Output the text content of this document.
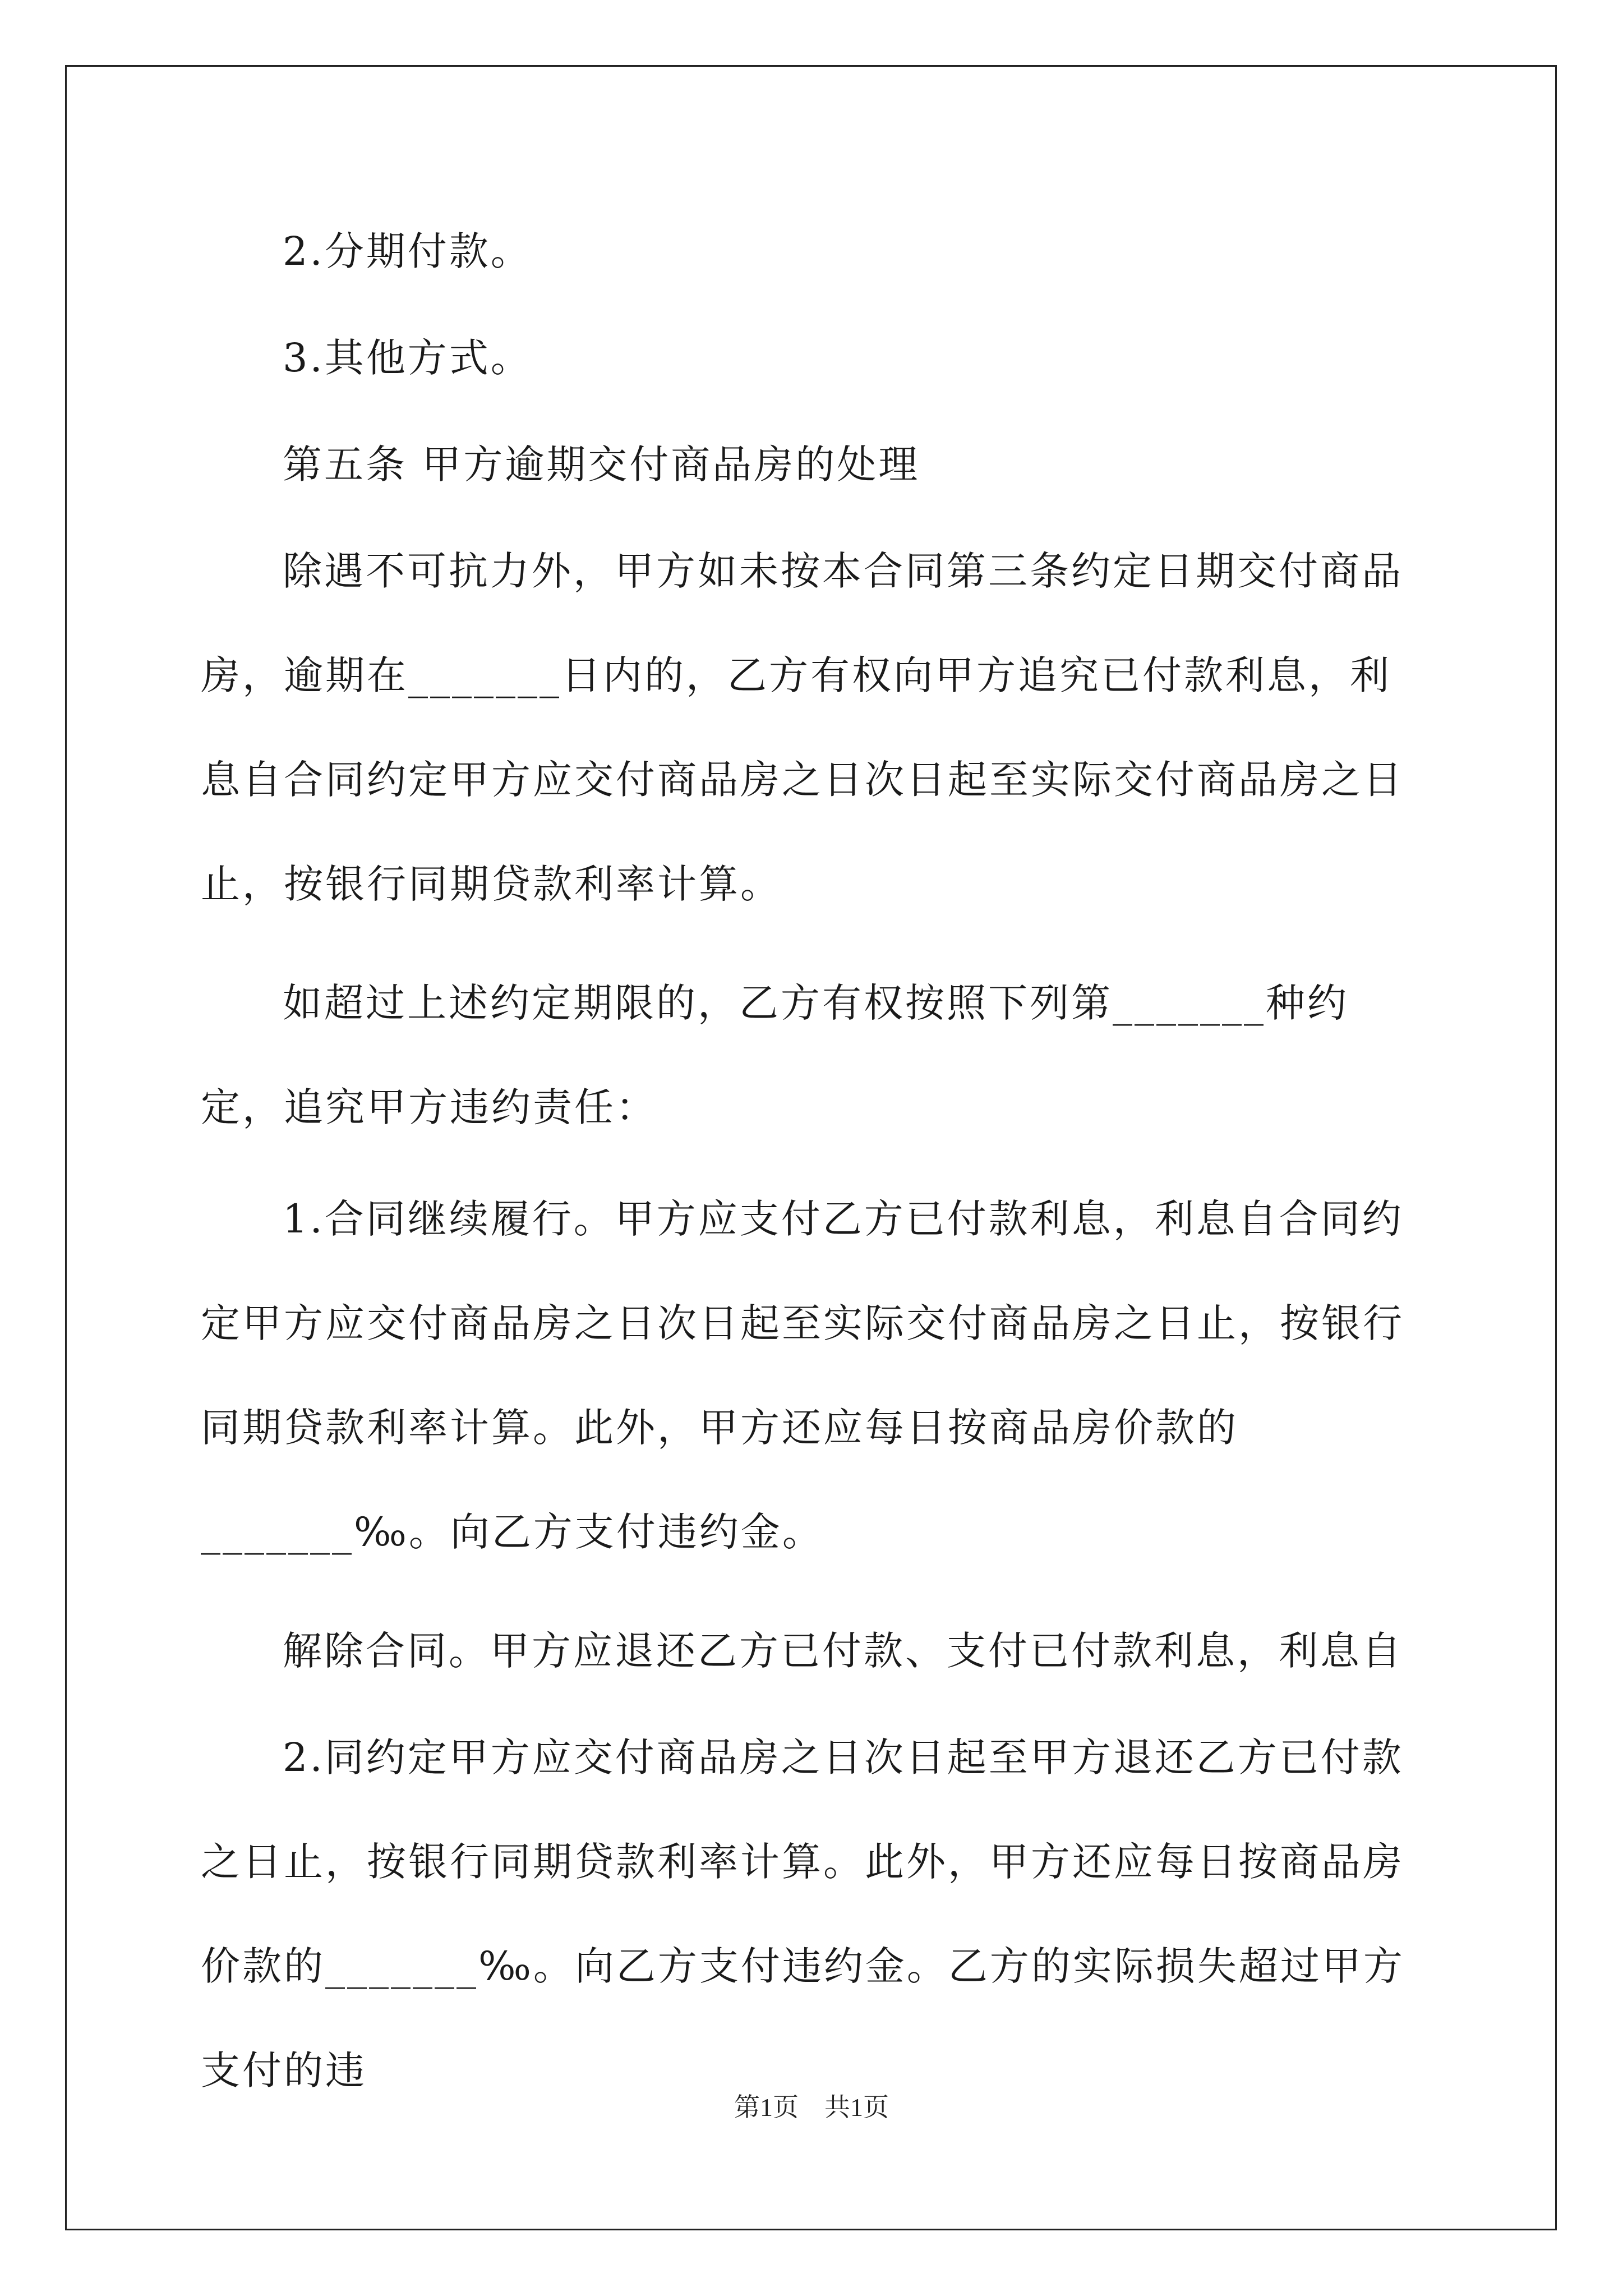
2.分期付款。

3.其他方式。

第五条 甲方逾期交付商品房的处理

除遇不可抗力外，甲方如未按本合同第三条约定日期交付商品房，逾期在_______日内的，乙方有权向甲方追究已付款利息，利息自合同约定甲方应交付商品房之日次日起至实际交付商品房之日止，按银行同期贷款利率计算。

如超过上述约定期限的，乙方有权按照下列第_______种约定，追究甲方违约责任：

1.合同继续履行。甲方应支付乙方已付款利息，利息自合同约定甲方应交付商品房之日次日起至实际交付商品房之日止，按银行同期贷款利率计算。此外，甲方还应每日按商品房价款的_______‰。向乙方支付违约金。

解除合同。甲方应退还乙方已付款、支付已付款利息，利息自

2.同约定甲方应交付商品房之日次日起至甲方退还乙方已付款之日止，按银行同期贷款利率计算。此外，甲方还应每日按商品房价款的_______‰。向乙方支付违约金。乙方的实际损失超过甲方支付的违

第1页　共1页
